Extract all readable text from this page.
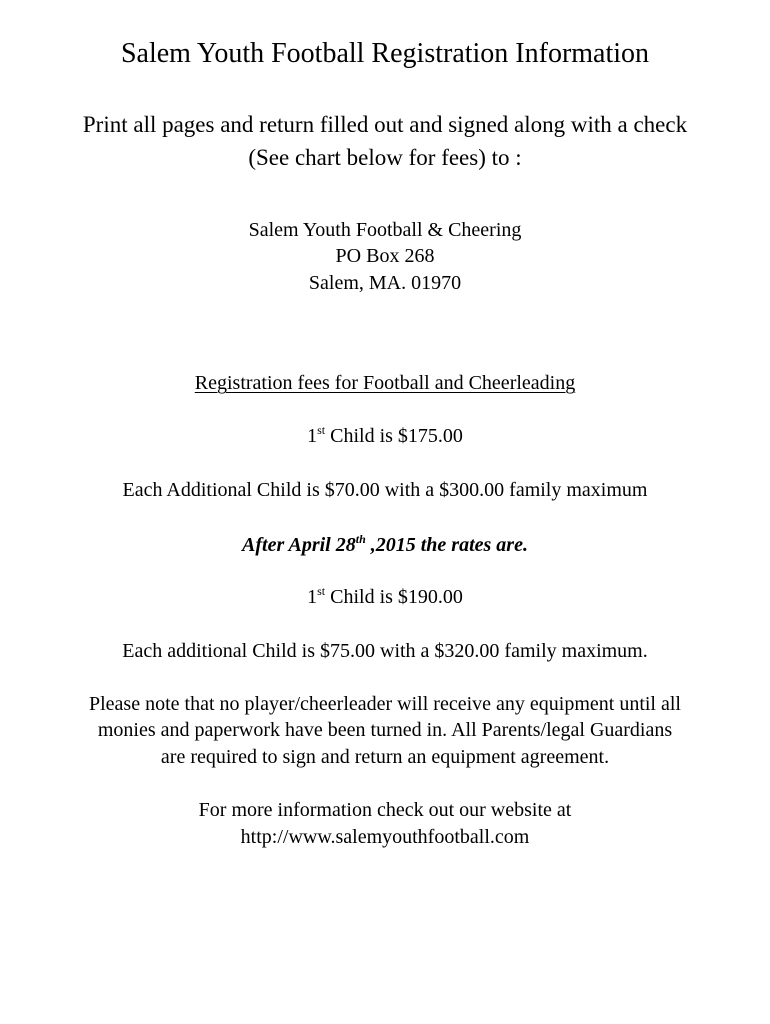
Salem Youth Football Registration Information
Print all pages and return filled out and signed along with a check
(See chart below for fees) to :
Salem Youth Football & Cheering
PO Box 268
Salem, MA. 01970
Registration fees for Football and Cheerleading
1st Child is $175.00
Each Additional Child is $70.00 with a $300.00 family maximum
After April 28th ,2015 the rates are.
1st Child is $190.00
Each additional Child is $75.00 with a $320.00 family maximum.
Please note that no player/cheerleader will receive any equipment until all
monies and paperwork have been turned in. All Parents/legal Guardians
are required to sign and return an equipment agreement.
For more information check out our website at
http://www.salemyouthfootball.com
